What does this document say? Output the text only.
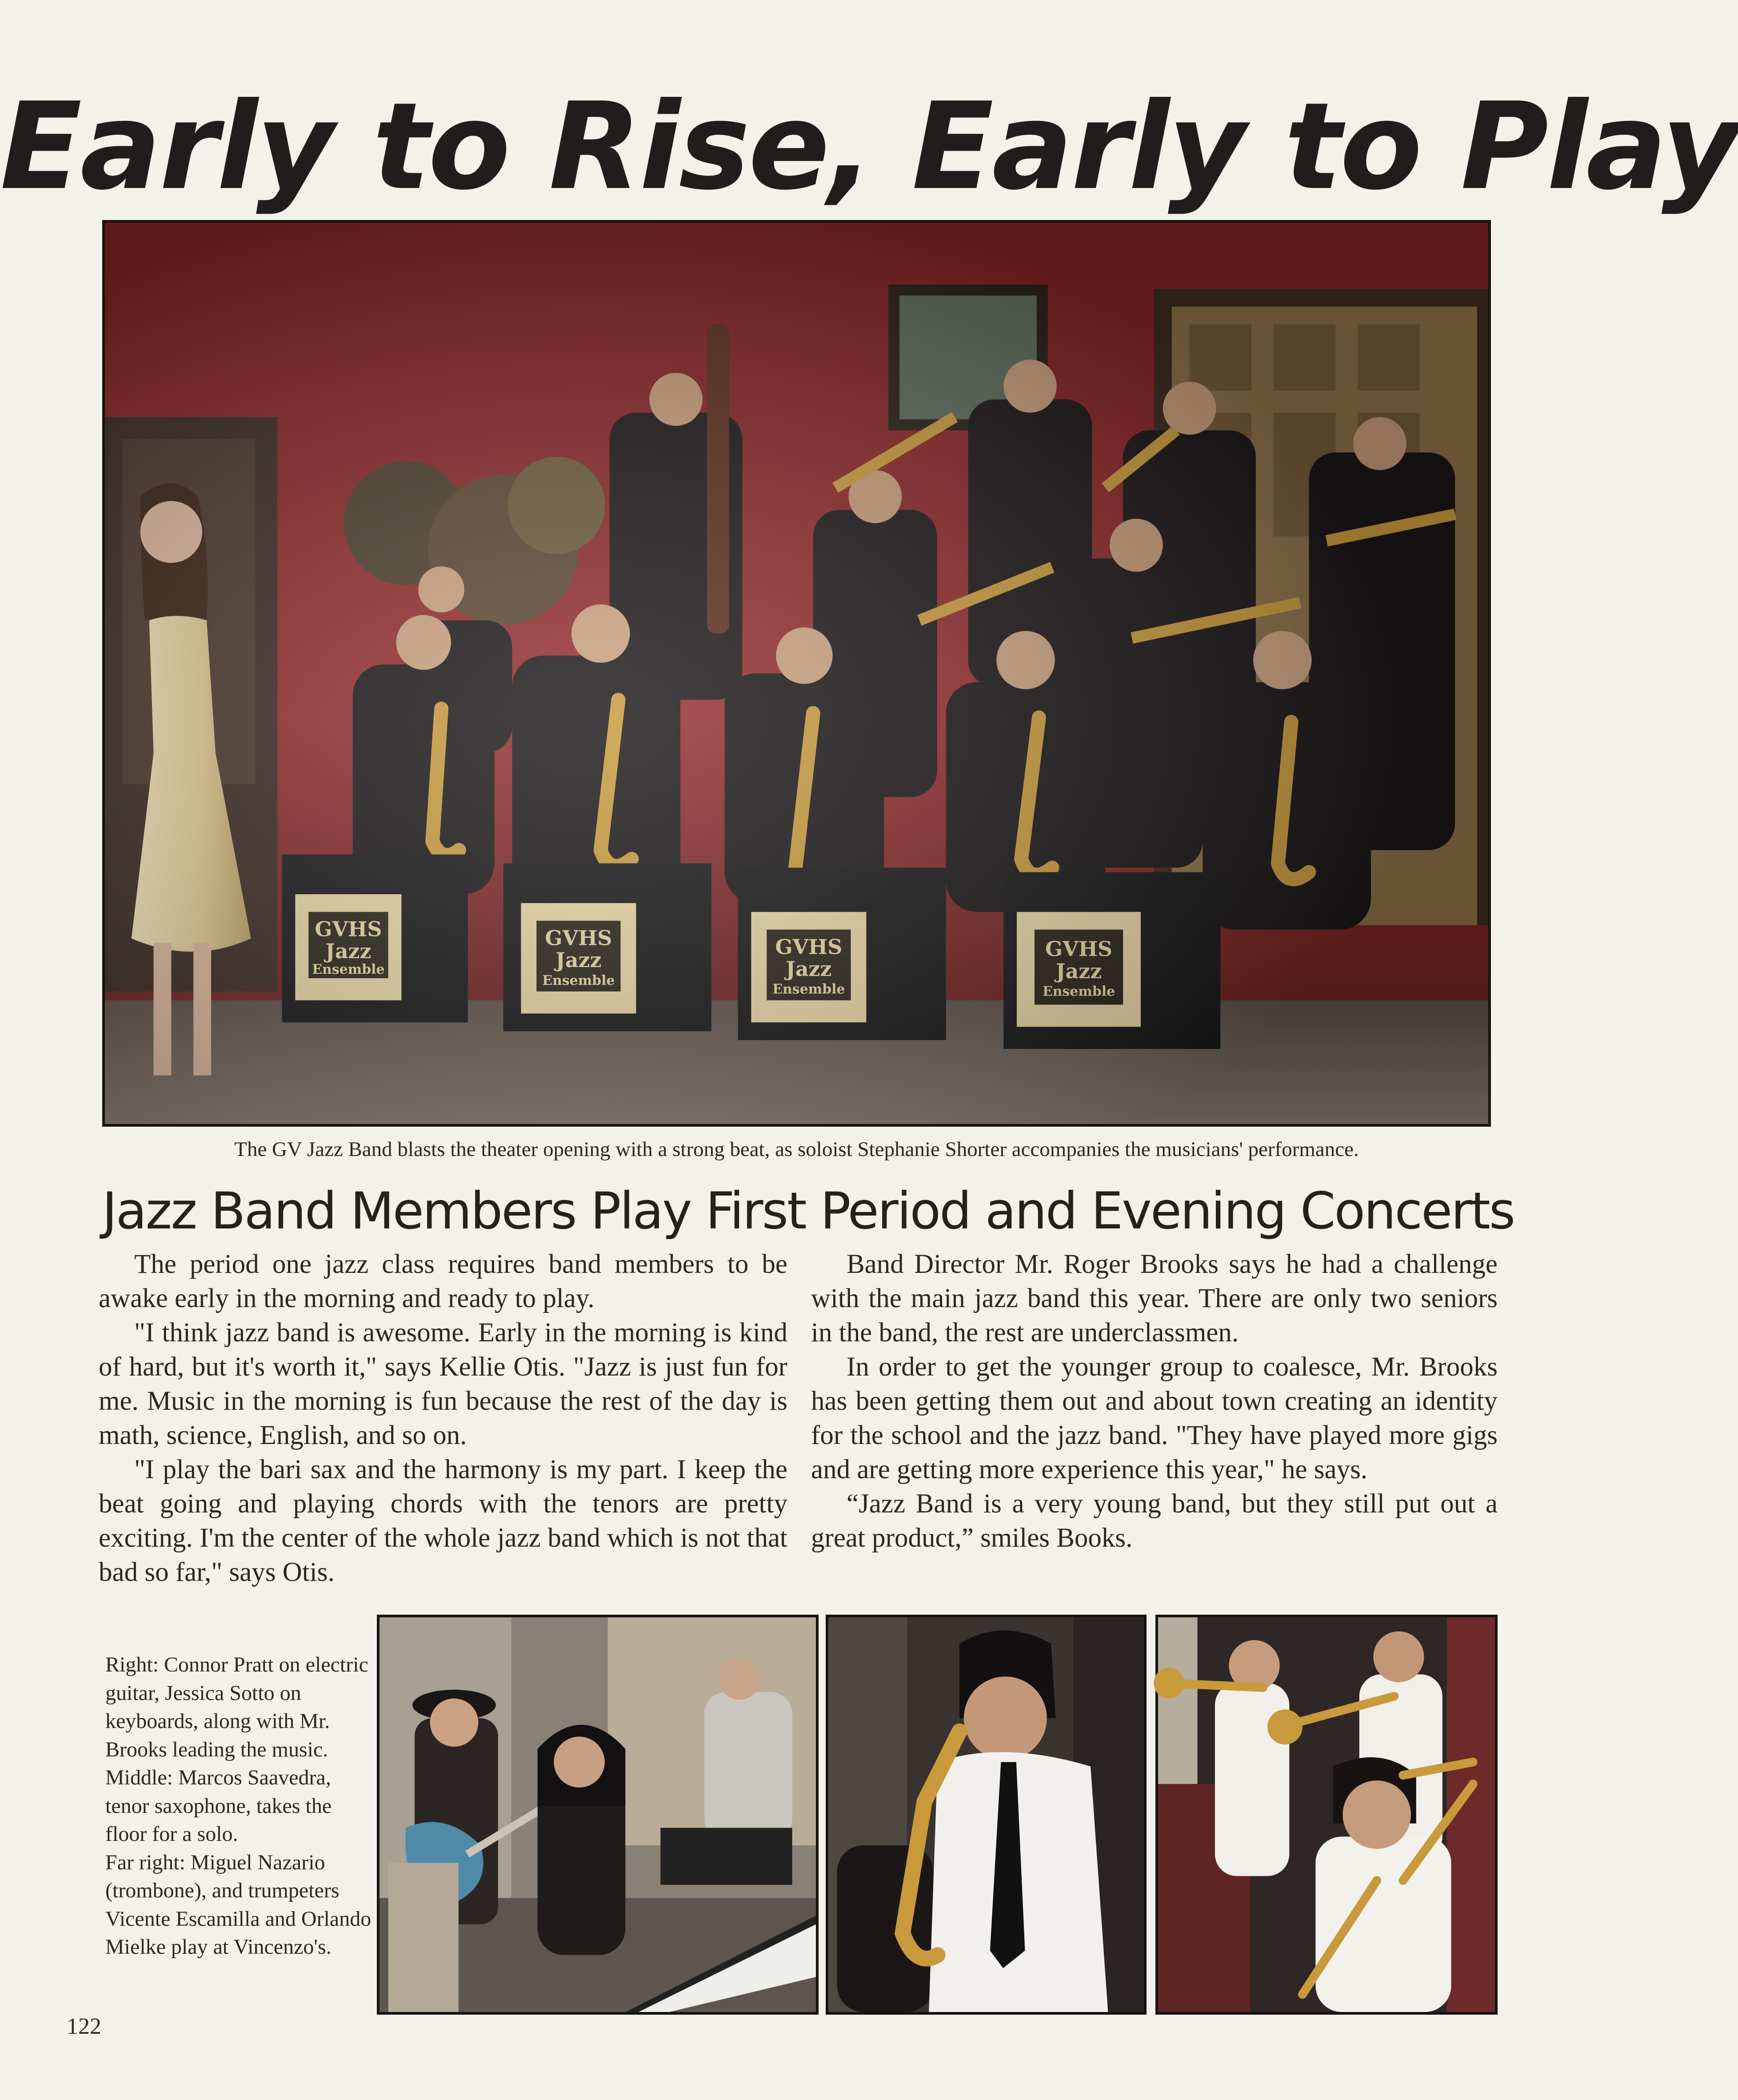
Early to Rise, Early to Play
The GV Jazz Band blasts the theater opening with a strong beat, as soloist Stephanie Shorter accompanies the musicians' performance.
Jazz Band Members Play First Period and Evening Concerts

The period one jazz class requires band members to be awake early in the morning and ready to play.

"I think jazz band is awesome. Early in the morning is kind of hard, but it's worth it," says Kellie Otis. "Jazz is just fun for me. Music in the morning is fun because the rest of the day is math, science, English, and so on.

"I play the bari sax and the harmony is my part. I keep the beat going and playing chords with the tenors are pretty exciting. I'm the center of the whole jazz band which is not that bad so far," says Otis.

Band Director Mr. Roger Brooks says he had a challenge with the main jazz band this year. There are only two seniors in the band, the rest are underclassmen.

In order to get the younger group to coalesce, Mr. Brooks has been getting them out and about town creating an identity for the school and the jazz band. "They have played more gigs and are getting more experience this year," he says.

“Jazz Band is a very young band, but they still put out a great product,” smiles Books.

Right: Connor Pratt on electric guitar, Jessica Sotto on keyboards, along with Mr. Brooks leading the music.

Middle: Marcos Saavedra, tenor saxophone, takes the floor for a solo.

Far right: Miguel Nazario (trombone), and trumpeters Vicente Escamilla and Orlando Mielke play at Vincenzo's.

122
